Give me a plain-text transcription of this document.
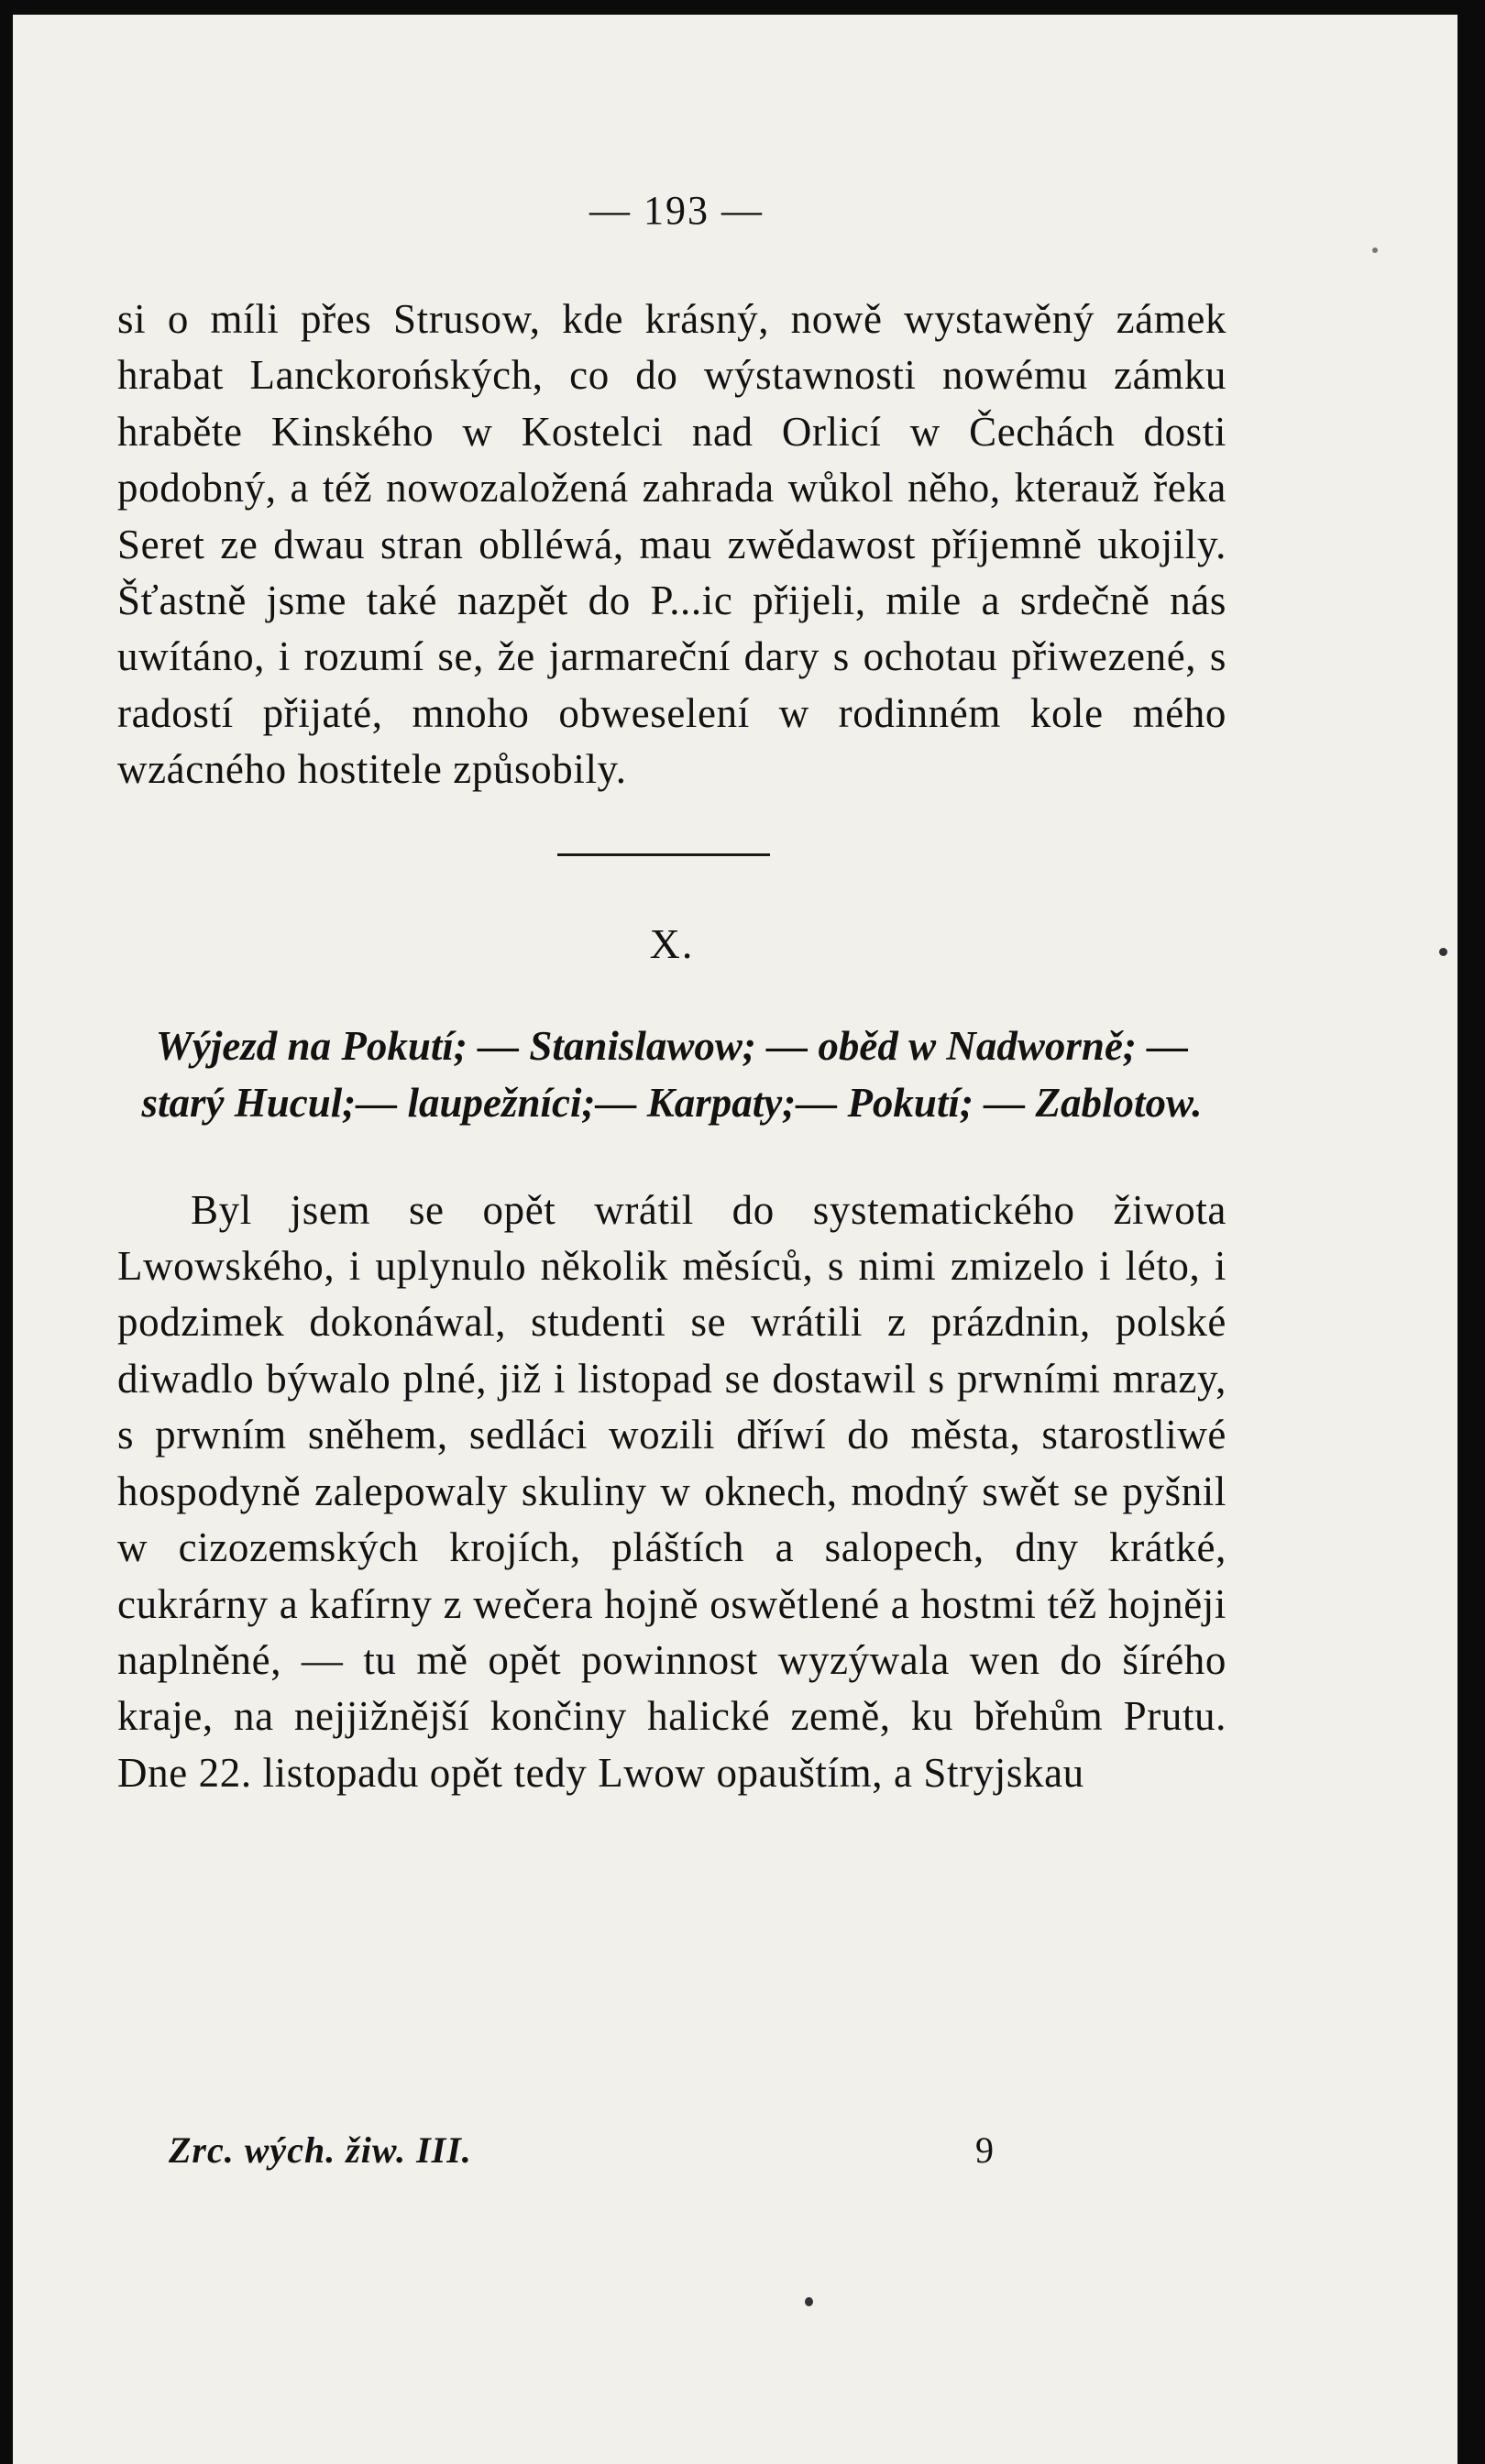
— 193 —

si o míli přes Strusow, kde krásný, nowě wystawěný zámek hrabat Lanckorońských, co do wýstawnosti nowému zámku hraběte Kinského w Kostelci nad Orlicí w Čechách dosti podobný, a též nowozaložená zahrada wůkol něho, kterauž řeka Seret ze dwau stran oblléwá, mau zwědawost příjemně ukojily. Šťastně jsme také nazpět do P...ic přijeli, mile a srdečně nás uwítáno, i rozumí se, že jarmareční dary s ochotau přiwezené, s radostí přijaté, mnoho obweselení w rodinném kole mého wzácného hostitele způsobily.

X.
Wýjezd na Pokutí; — Stanislawow; — oběd w Nadworně; — starý Hucul;— laupežníci;— Karpaty;— Pokutí; — Zablotow.

Byl jsem se opět wrátil do systematického žiwota Lwowského, i uplynulo několik měsíců, s nimi zmizelo i léto, i podzimek dokonáwal, studenti se wrátili z prázdnin, polské diwadlo býwalo plné, již i listopad se dostawil s prwními mrazy, s prwním sněhem, sedláci wozili dříwí do města, starostliwé hospodyně zalepowaly skuliny w oknech, modný swět se pyšnil w cizozemských krojích, pláštích a salopech, dny krátké, cukrárny a kafírny z wečera hojně oswětlené a hostmi též hojněji naplněné, — tu mě opět powinnost wyzýwala wen do šírého kraje, na nejjižnější končiny halické země, ku břehům Prutu. Dne 22. listopadu opět tedy Lwow opauštím, a Stryjskau

Zrc. wých. žiw. III.	9
